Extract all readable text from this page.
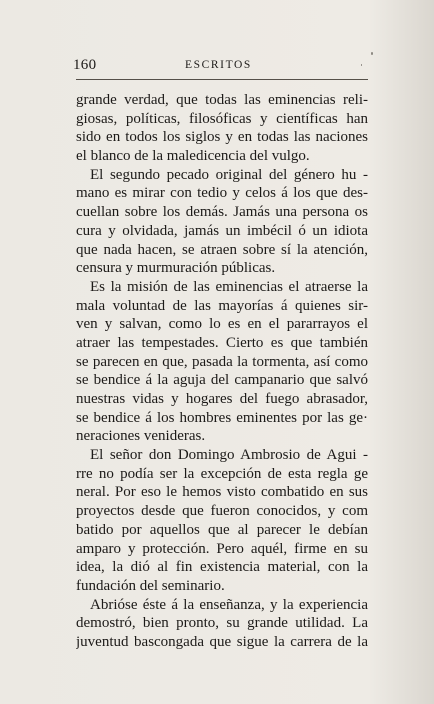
160	ESCRITOS
grande verdad, que todas las eminencias reli-
giosas, políticas, filosóficas y científicas han
sido en todos los siglos y en todas las naciones
el blanco de la maledicencia del vulgo.
El segundo pecado original del género hu -
mano es mirar con tedio y celos á los que des-
cuellan sobre los demás. Jamás una persona os
cura y olvidada, jamás un imbécil ó un idiota
que nada hacen, se atraen sobre sí la atención,
censura y murmuración públicas.
Es la misión de las eminencias el atraerse la
mala voluntad de las mayorías á quienes sir-
ven y salvan, como lo es en el pararrayos el
atraer las tempestades. Cierto es que también
se parecen en que, pasada la tormenta, así como
se bendice á la aguja del campanario que salvó
nuestras vidas y hogares del fuego abrasador,
se bendice á los hombres eminentes por las ge·
neraciones venideras.
El señor don Domingo Ambrosio de Agui -
rre no podía ser la excepción de esta regla ge
neral. Por eso le hemos visto combatido en sus
proyectos desde que fueron conocidos, y com
batido por aquellos que al parecer le debían
amparo y protección. Pero aquél, firme en su
idea, la dió al fin existencia material, con la
fundación del seminario.
Abrióse éste á la enseñanza, y la experiencia
demostró, bien pronto, su grande utilidad. La
juventud bascongada que sigue la carrera de la
